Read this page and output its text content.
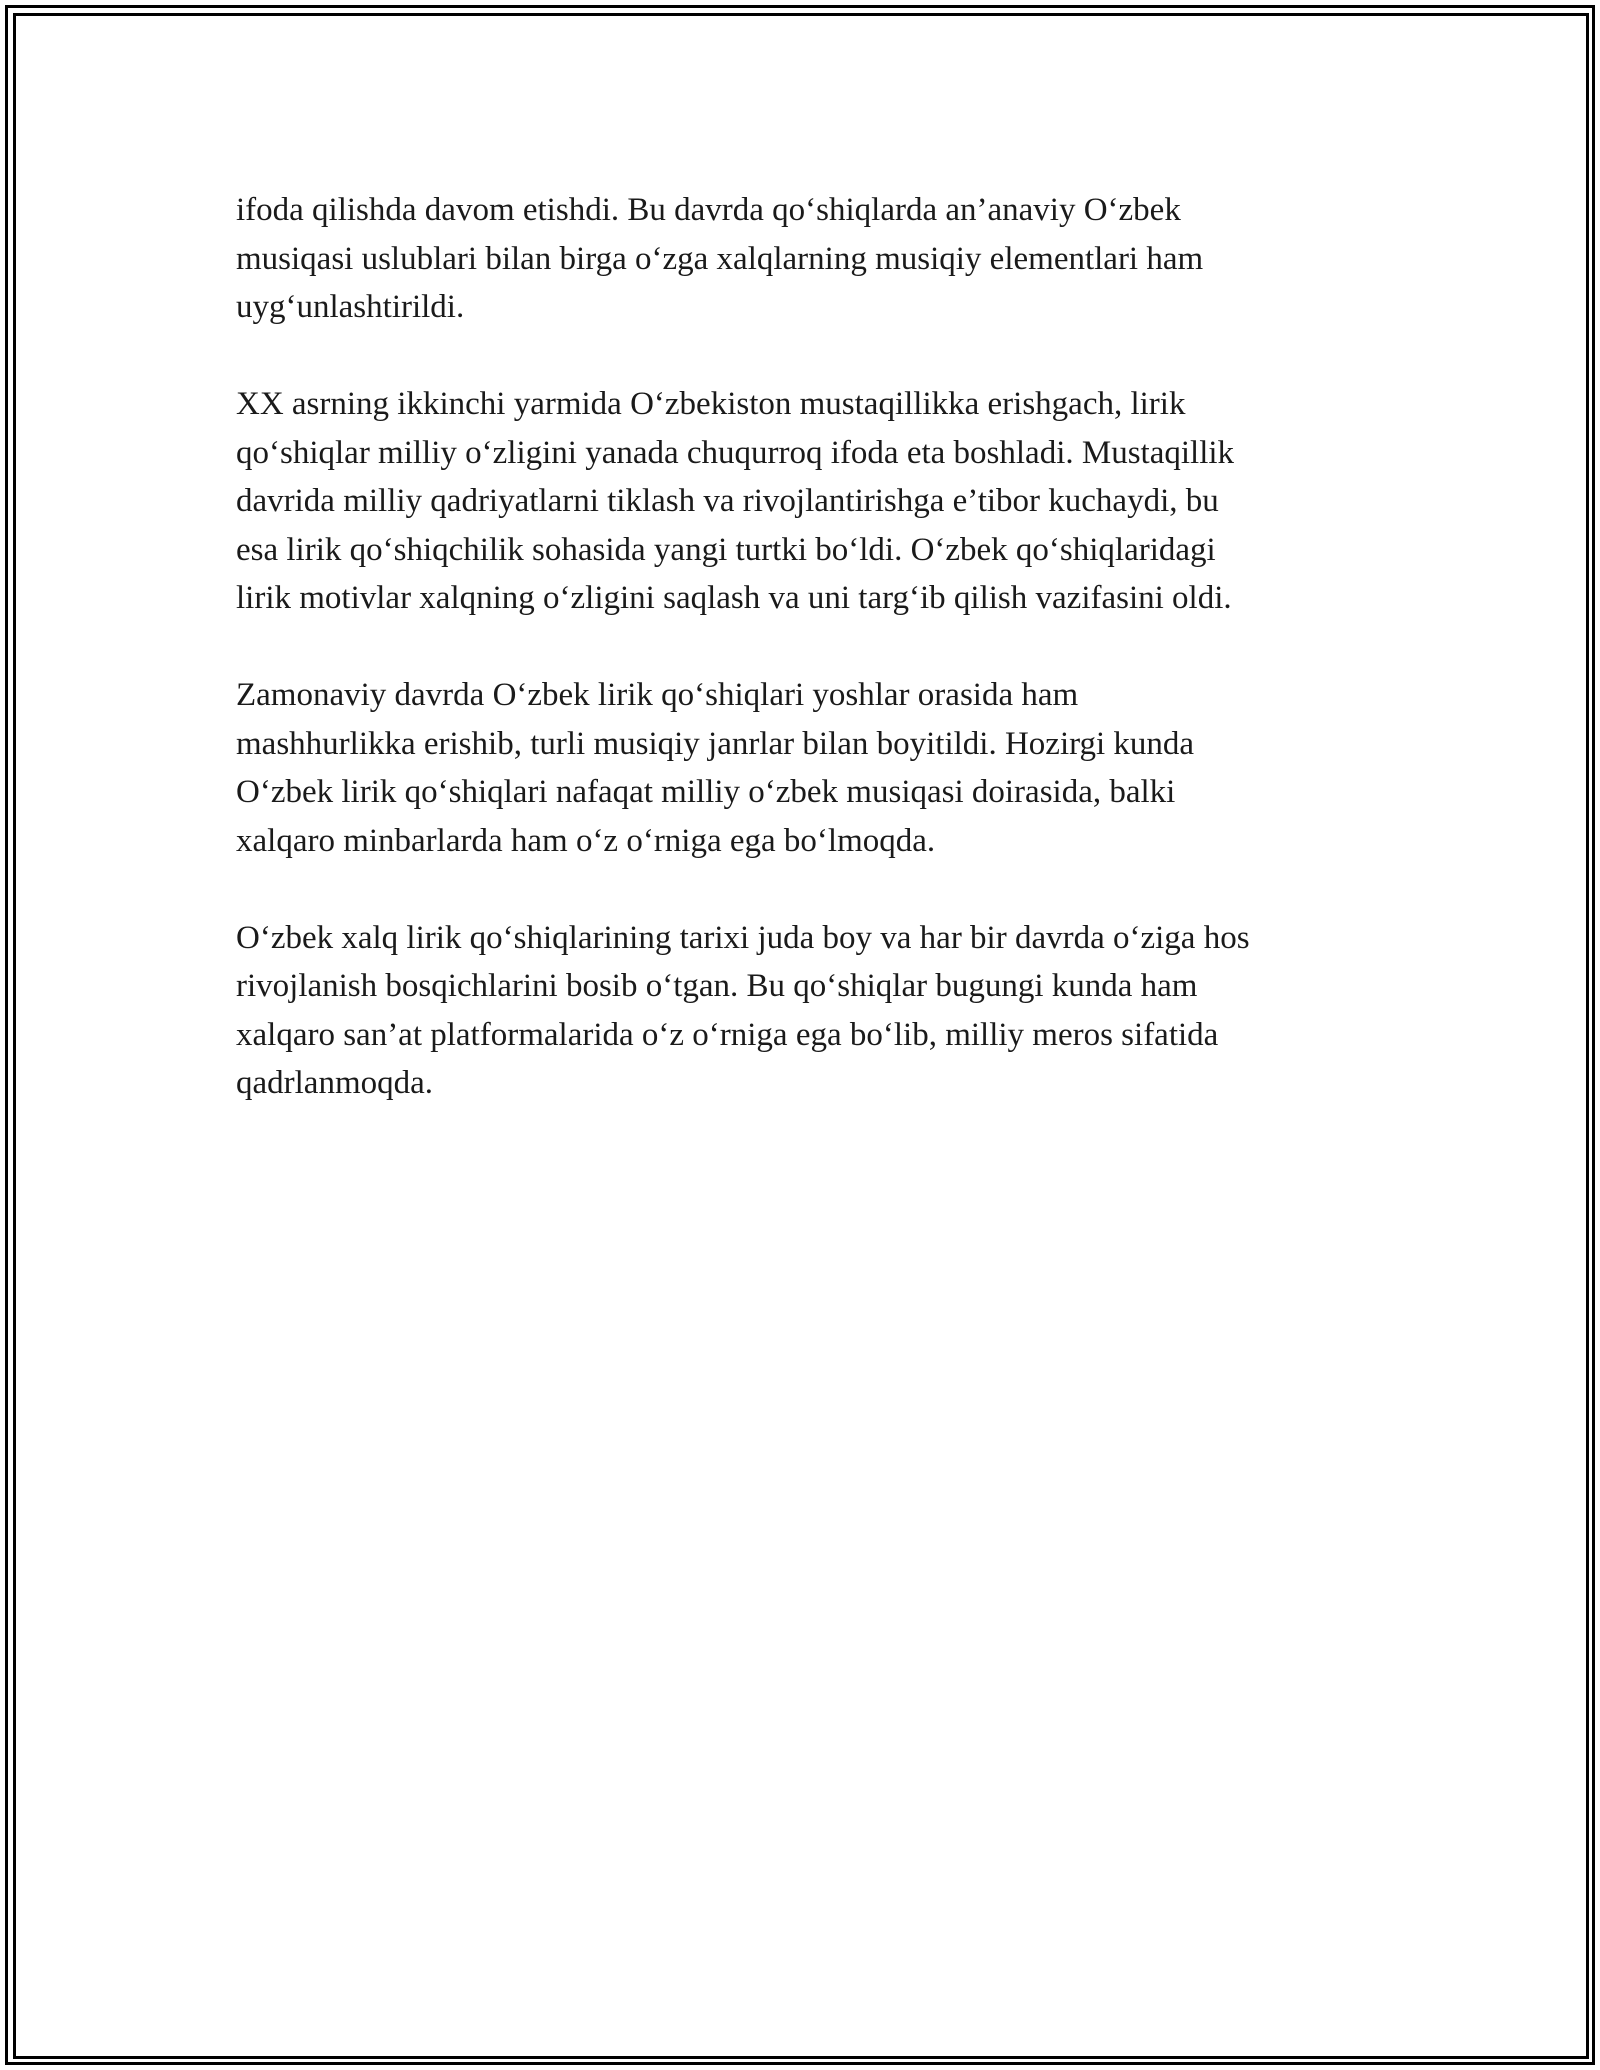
ifoda qilishda davom etishdi. Bu davrda qo‘shiqlarda an’anaviy O‘zbek
musiqasi uslublari bilan birga o‘zga xalqlarning musiqiy elementlari ham
uyg‘unlashtirildi.

XX asrning ikkinchi yarmida O‘zbekiston mustaqillikka erishgach, lirik
qo‘shiqlar milliy o‘zligini yanada chuqurroq ifoda eta boshladi. Mustaqillik
davrida milliy qadriyatlarni tiklash va rivojlantirishga e’tibor kuchaydi, bu
esa lirik qo‘shiqchilik sohasida yangi turtki bo‘ldi. O‘zbek qo‘shiqlaridagi
lirik motivlar xalqning o‘zligini saqlash va uni targ‘ib qilish vazifasini oldi.

Zamonaviy davrda O‘zbek lirik qo‘shiqlari yoshlar orasida ham
mashhurlikka erishib, turli musiqiy janrlar bilan boyitildi. Hozirgi kunda
O‘zbek lirik qo‘shiqlari nafaqat milliy o‘zbek musiqasi doirasida, balki
xalqaro minbarlarda ham o‘z o‘rniga ega bo‘lmoqda.

O‘zbek xalq lirik qo‘shiqlarining tarixi juda boy va har bir davrda o‘ziga hos
rivojlanish bosqichlarini bosib o‘tgan. Bu qo‘shiqlar bugungi kunda ham
xalqaro san’at platformalarida o‘z o‘rniga ega bo‘lib, milliy meros sifatida
qadrlanmoqda.
